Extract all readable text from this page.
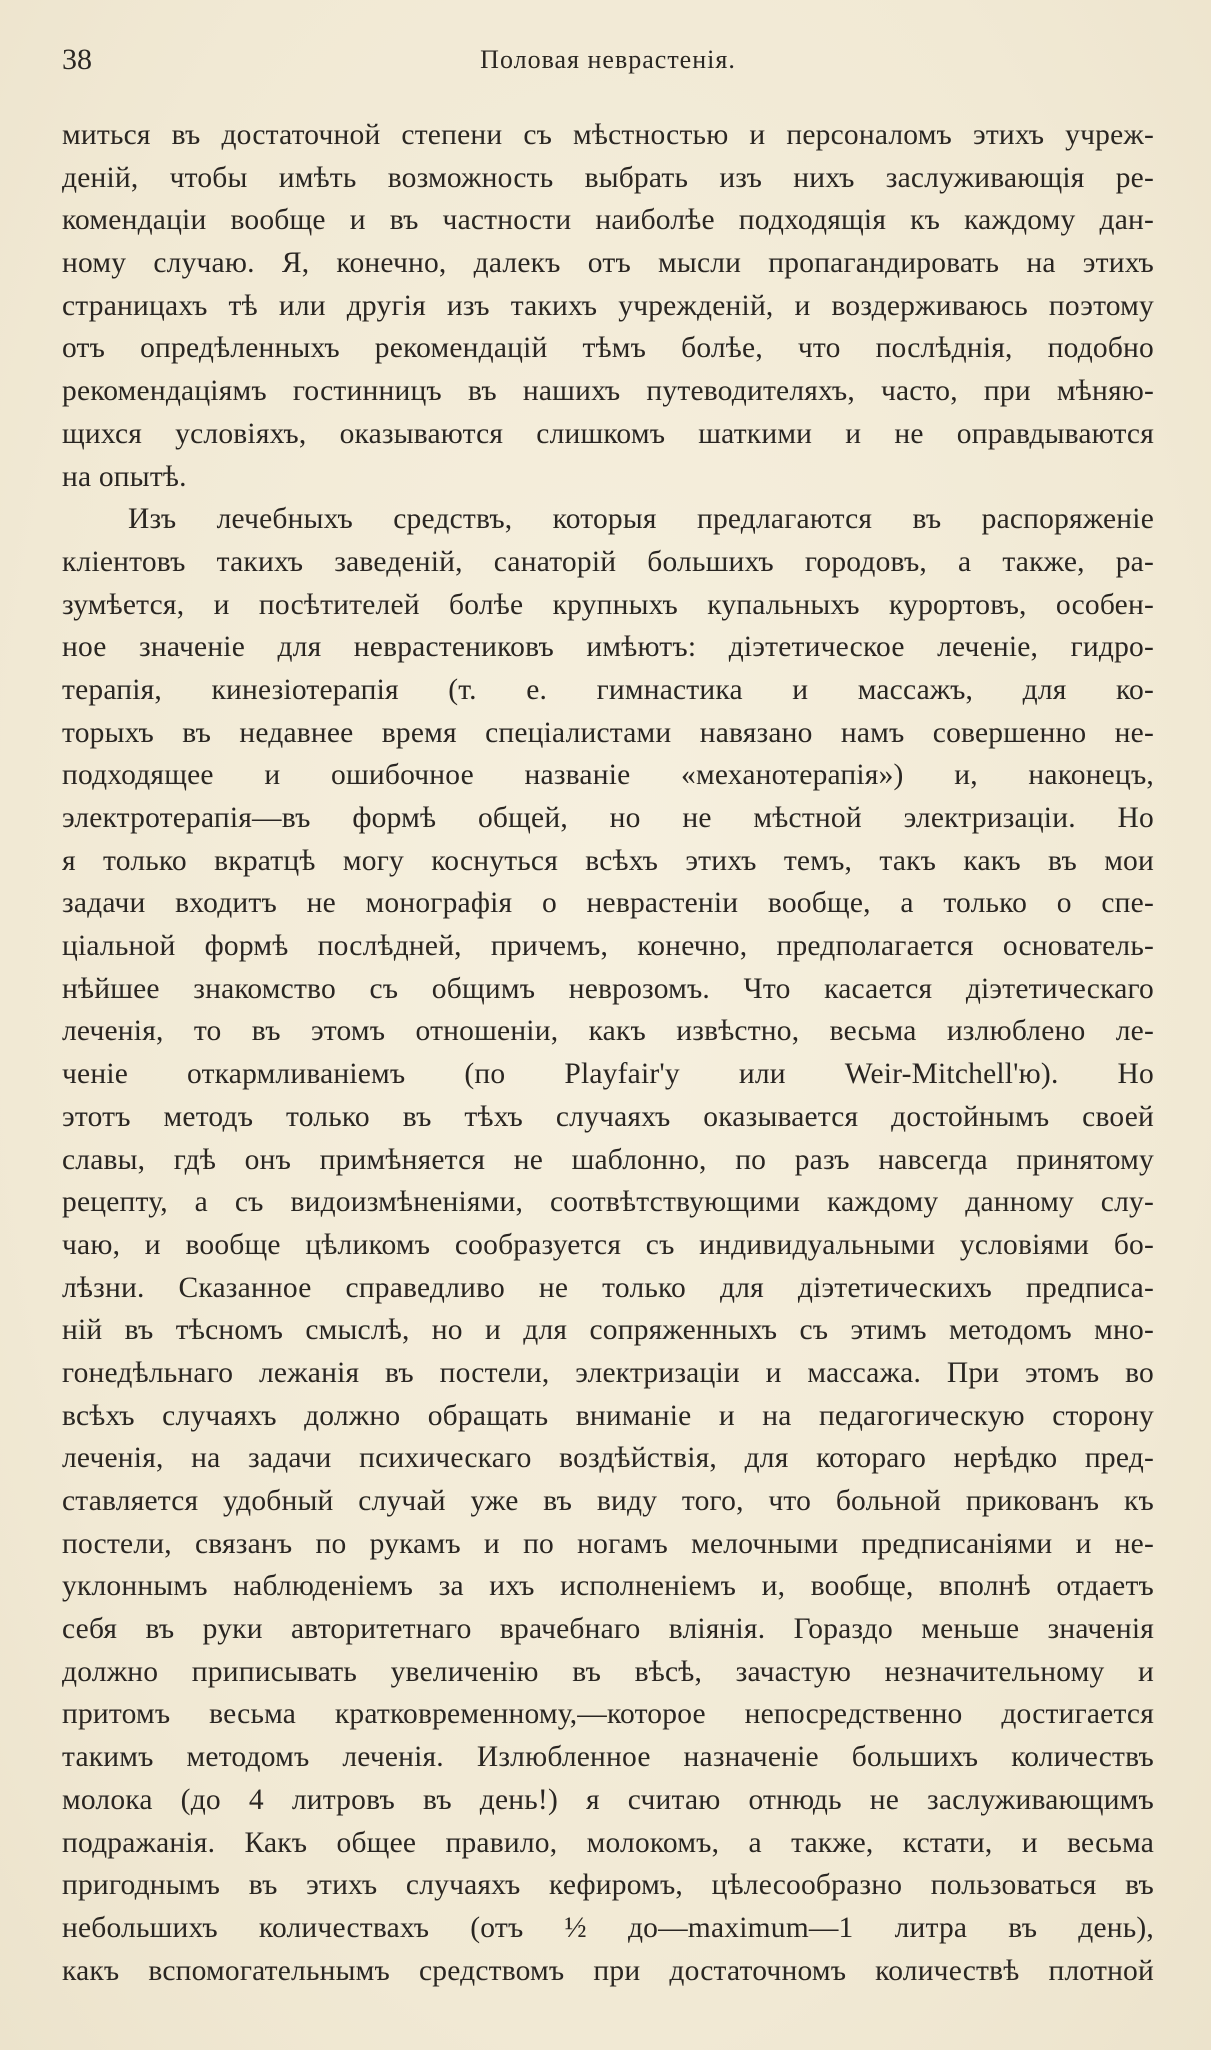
38	Половая неврастенія.
миться въ достаточной степени съ мѣстностью и персоналомъ этихъ учреж-
деній, чтобы имѣть возможность выбрать изъ нихъ заслуживающія ре-
комендаціи вообще и въ частности наиболѣе подходящія къ каждому дан-
ному случаю. Я, конечно, далекъ отъ мысли пропагандировать на этихъ
страницахъ тѣ или другія изъ такихъ учрежденій, и воздерживаюсь поэтому
отъ опредѣленныхъ рекомендацій тѣмъ болѣе, что послѣднія, подобно
рекомендаціямъ гостинницъ въ нашихъ путеводителяхъ, часто, при мѣняю-
щихся условіяхъ, оказываются слишкомъ шаткими и не оправдываются
на опытѣ.
Изъ лечебныхъ средствъ, которыя предлагаются въ распоряженіе
кліентовъ такихъ заведеній, санаторій большихъ городовъ, а также, ра-
зумѣется, и посѣтителей болѣе крупныхъ купальныхъ курортовъ, особен-
ное значеніе для неврастениковъ имѣютъ: діэтетическое леченіе, гидро-
терапія, кинезіотерапія (т. е. гимнастика и массажъ, для ко-
торыхъ въ недавнее время спеціалистами навязано намъ совершенно не-
подходящее и ошибочное названіе «механотерапія») и, наконецъ,
электротерапія—въ формѣ общей, но не мѣстной электризаціи. Но
я только вкратцѣ могу коснуться всѣхъ этихъ темъ, такъ какъ въ мои
задачи входитъ не монографія о неврастеніи вообще, а только о спе-
ціальной формѣ послѣдней, причемъ, конечно, предполагается основатель-
нѣйшее знакомство съ общимъ неврозомъ. Что касается діэтетическаго
леченія, то въ этомъ отношеніи, какъ извѣстно, весьма излюблено ле-
ченіе откармливаніемъ (по Playfair'у или Weir-Mitchell'ю). Но
этотъ методъ только въ тѣхъ случаяхъ оказывается достойнымъ своей
славы, гдѣ онъ примѣняется не шаблонно, по разъ навсегда принятому
рецепту, а съ видоизмѣненіями, соотвѣтствующими каждому данному слу-
чаю, и вообще цѣликомъ сообразуется съ индивидуальными условіями бо-
лѣзни. Сказанное справедливо не только для діэтетическихъ предписа-
ній въ тѣсномъ смыслѣ, но и для сопряженныхъ съ этимъ методомъ мно-
гонедѣльнаго лежанія въ постели, электризаціи и массажа. При этомъ во
всѣхъ случаяхъ должно обращать вниманіе и на педагогическую сторону
леченія, на задачи психическаго воздѣйствія, для котораго нерѣдко пред-
ставляется удобный случай уже въ виду того, что больной прикованъ къ
постели, связанъ по рукамъ и по ногамъ мелочными предписаніями и не-
уклоннымъ наблюденіемъ за ихъ исполненіемъ и, вообще, вполнѣ отдаетъ
себя въ руки авторитетнаго врачебнаго вліянія. Гораздо меньше значенія
должно приписывать увеличенію въ вѣсѣ, зачастую незначительному и
притомъ весьма кратковременному,—которое непосредственно достигается
такимъ методомъ леченія. Излюбленное назначеніе большихъ количествъ
молока (до 4 литровъ въ день!) я считаю отнюдь не заслуживающимъ
подражанія. Какъ общее правило, молокомъ, а также, кстати, и весьма
пригоднымъ въ этихъ случаяхъ кефиромъ, цѣлесообразно пользоваться въ
небольшихъ количествахъ (отъ ½ до—maximum—1 литра въ день),
какъ вспомогательнымъ средствомъ при достаточномъ количествѣ плотной
